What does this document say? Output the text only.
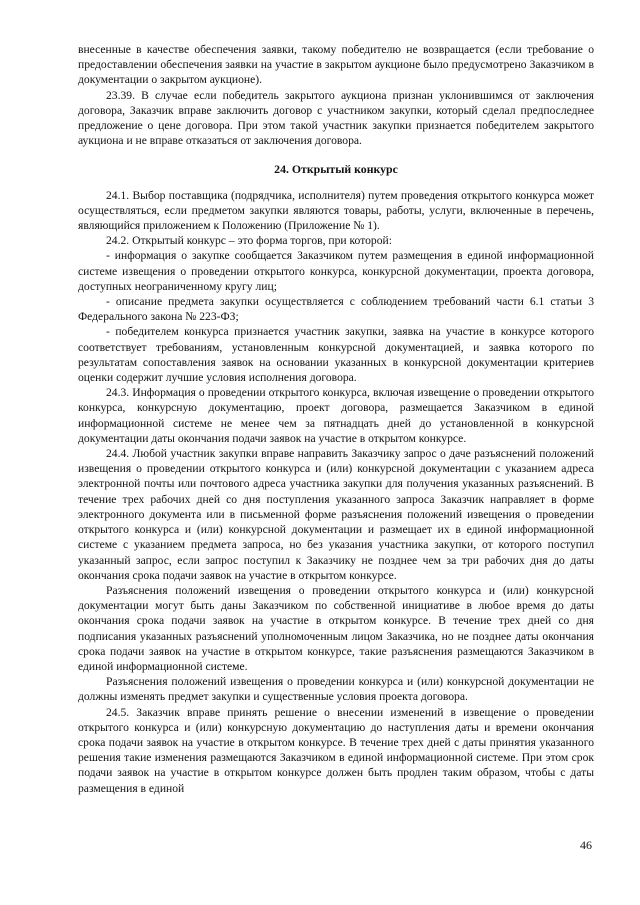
внесенные в качестве обеспечения заявки, такому победителю не возвращается (если требование о предоставлении обеспечения заявки на участие в закрытом аукционе было предусмотрено Заказчиком в документации о закрытом аукционе).

23.39. В случае если победитель закрытого аукциона признан уклонившимся от заключения договора, Заказчик вправе заключить договор с участником закупки, который сделал предпоследнее предложение о цене договора. При этом такой участник закупки признается победителем закрытого аукциона и не вправе отказаться от заключения договора.

24. Открытый конкурс

24.1. Выбор поставщика (подрядчика, исполнителя) путем проведения открытого конкурса может осуществляться, если предметом закупки являются товары, работы, услуги, включенные в перечень, являющийся приложением к Положению (Приложение № 1).

24.2. Открытый конкурс – это форма торгов, при которой:

- информация о закупке сообщается Заказчиком путем размещения в единой информационной системе извещения о проведении открытого конкурса, конкурсной документации, проекта договора, доступных неограниченному кругу лиц;

- описание предмета закупки осуществляется с соблюдением требований части 6.1 статьи 3 Федерального закона № 223-ФЗ;

- победителем конкурса признается участник закупки, заявка на участие в конкурсе которого соответствует требованиям, установленным конкурсной документацией, и заявка которого по результатам сопоставления заявок на основании указанных в конкурсной документации критериев оценки содержит лучшие условия исполнения договора.

24.3. Информация о проведении открытого конкурса, включая извещение о проведении открытого конкурса, конкурсную документацию, проект договора, размещается Заказчиком в единой информационной системе не менее чем за пятнадцать дней до установленной в конкурсной документации даты окончания подачи заявок на участие в открытом конкурсе.

24.4. Любой участник закупки вправе направить Заказчику запрос о даче разъяснений положений извещения о проведении открытого конкурса и (или) конкурсной документации с указанием адреса электронной почты или почтового адреса участника закупки для получения указанных разъяснений. В течение трех рабочих дней со дня поступления указанного запроса Заказчик направляет в форме электронного документа или в письменной форме разъяснения положений извещения о проведении открытого конкурса и (или) конкурсной документации и размещает их в единой информационной системе с указанием предмета запроса, но без указания участника закупки, от которого поступил указанный запрос, если запрос поступил к Заказчику не позднее чем за три рабочих дня до даты окончания срока подачи заявок на участие в открытом конкурсе.

Разъяснения положений извещения о проведении открытого конкурса и (или) конкурсной документации могут быть даны Заказчиком по собственной инициативе в любое время до даты окончания срока подачи заявок на участие в открытом конкурсе. В течение трех дней со дня подписания указанных разъяснений уполномоченным лицом Заказчика, но не позднее даты окончания срока подачи заявок на участие в открытом конкурсе, такие разъяснения размещаются Заказчиком в единой информационной системе.

Разъяснения положений извещения о проведении конкурса и (или) конкурсной документации не должны изменять предмет закупки и существенные условия проекта договора.

24.5. Заказчик вправе принять решение о внесении изменений в извещение о проведении открытого конкурса и (или) конкурсную документацию до наступления даты и времени окончания срока подачи заявок на участие в открытом конкурсе. В течение трех дней с даты принятия указанного решения такие изменения размещаются Заказчиком в единой информационной системе. При этом срок подачи заявок на участие в открытом конкурсе должен быть продлен таким образом, чтобы с даты размещения в единой

46
